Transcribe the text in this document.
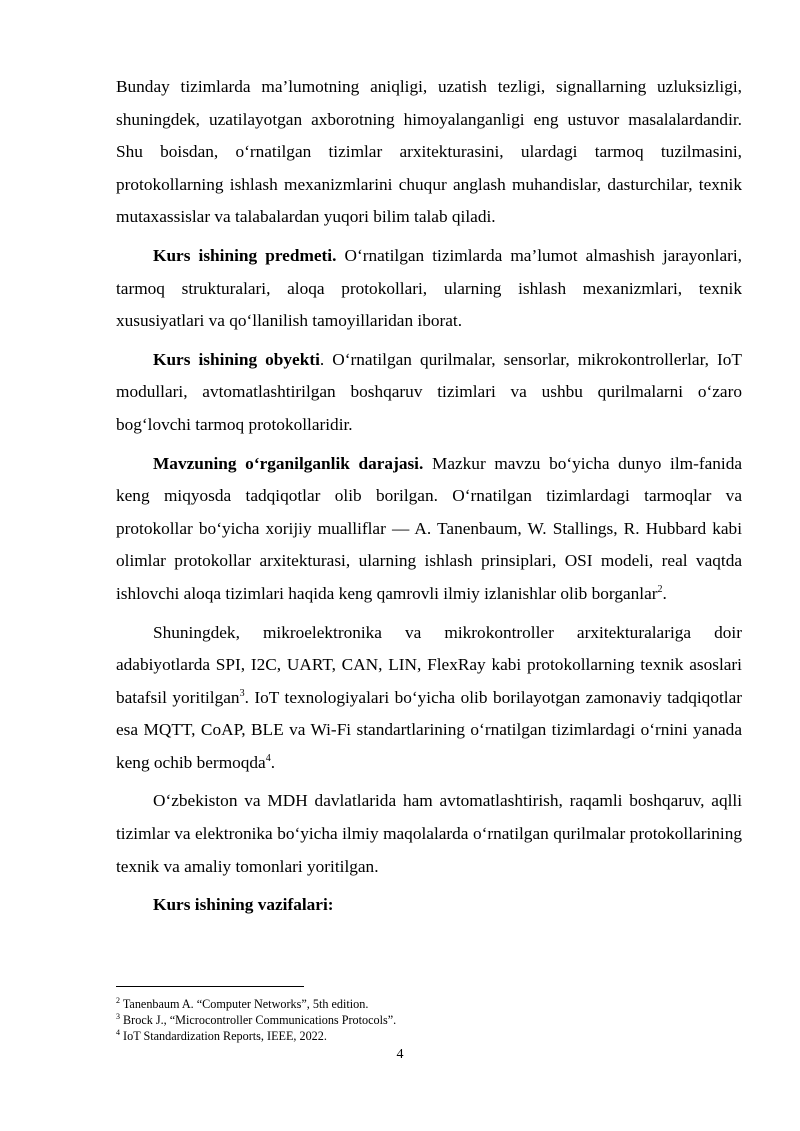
Bunday tizimlarda ma’lumotning aniqligi, uzatish tezligi, signallarning uzluksizligi, shuningdek, uzatilayotgan axborotning himoyalanganligi eng ustuvor masalalardandir. Shu boisdan, o‘rnatilgan tizimlar arxitekturasini, ulardagi tarmoq tuzilmasini, protokollarning ishlash mexanizmlarini chuqur anglash muhandislar, dasturchilar, texnik mutaxassislar va talabalardan yuqori bilim talab qiladi.

Kurs ishining predmeti. O‘rnatilgan tizimlarda ma’lumot almashish jarayonlari, tarmoq strukturalari, aloqa protokollari, ularning ishlash mexanizmlari, texnik xususiyatlari va qo‘llanilish tamoyillaridan iborat.

Kurs ishining obyekti. O‘rnatilgan qurilmalar, sensorlar, mikrokontrollerlar, IoT modullari, avtomatlashtirilgan boshqaruv tizimlari va ushbu qurilmalarni o‘zaro bog‘lovchi tarmoq protokollaridir.

Mavzuning o‘rganilganlik darajasi. Mazkur mavzu bo‘yicha dunyo ilm-fanida keng miqyosda tadqiqotlar olib borilgan. O‘rnatilgan tizimlardagi tarmoqlar va protokollar bo‘yicha xorijiy mualliflar — A. Tanenbaum, W. Stallings, R. Hubbard kabi olimlar protokollar arxitekturasi, ularning ishlash prinsiplari, OSI modeli, real vaqtda ishlovchi aloqa tizimlari haqida keng qamrovli ilmiy izlanishlar olib borganlar$^2$.

Shuningdek, mikroelektronika va mikrokontroller arxitekturalariga doir adabiyotlarda SPI, I2C, UART, CAN, LIN, FlexRay kabi protokollarning texnik asoslari batafsil yoritilgan$^3$. IoT texnologiyalari bo‘yicha olib borilayotgan zamonaviy tadqiqotlar esa MQTT, CoAP, BLE va Wi-Fi standartlarining o‘rnatilgan tizimlardagi o‘rnini yanada keng ochib bermoqda$^4$.

O‘zbekiston va MDH davlatlarida ham avtomatlashtirish, raqamli boshqaruv, aqlli tizimlar va elektronika bo‘yicha ilmiy maqolalarda o‘rnatilgan qurilmalar protokollarining texnik va amaliy tomonlari yoritilgan.

Kurs ishining vazifalari:

$^2$ Tanenbaum A. “Computer Networks”, 5th edition.

$^3$ Brock J., “Microcontroller Communications Protocols”.

$^4$ IoT Standardization Reports, IEEE, 2022.

4
